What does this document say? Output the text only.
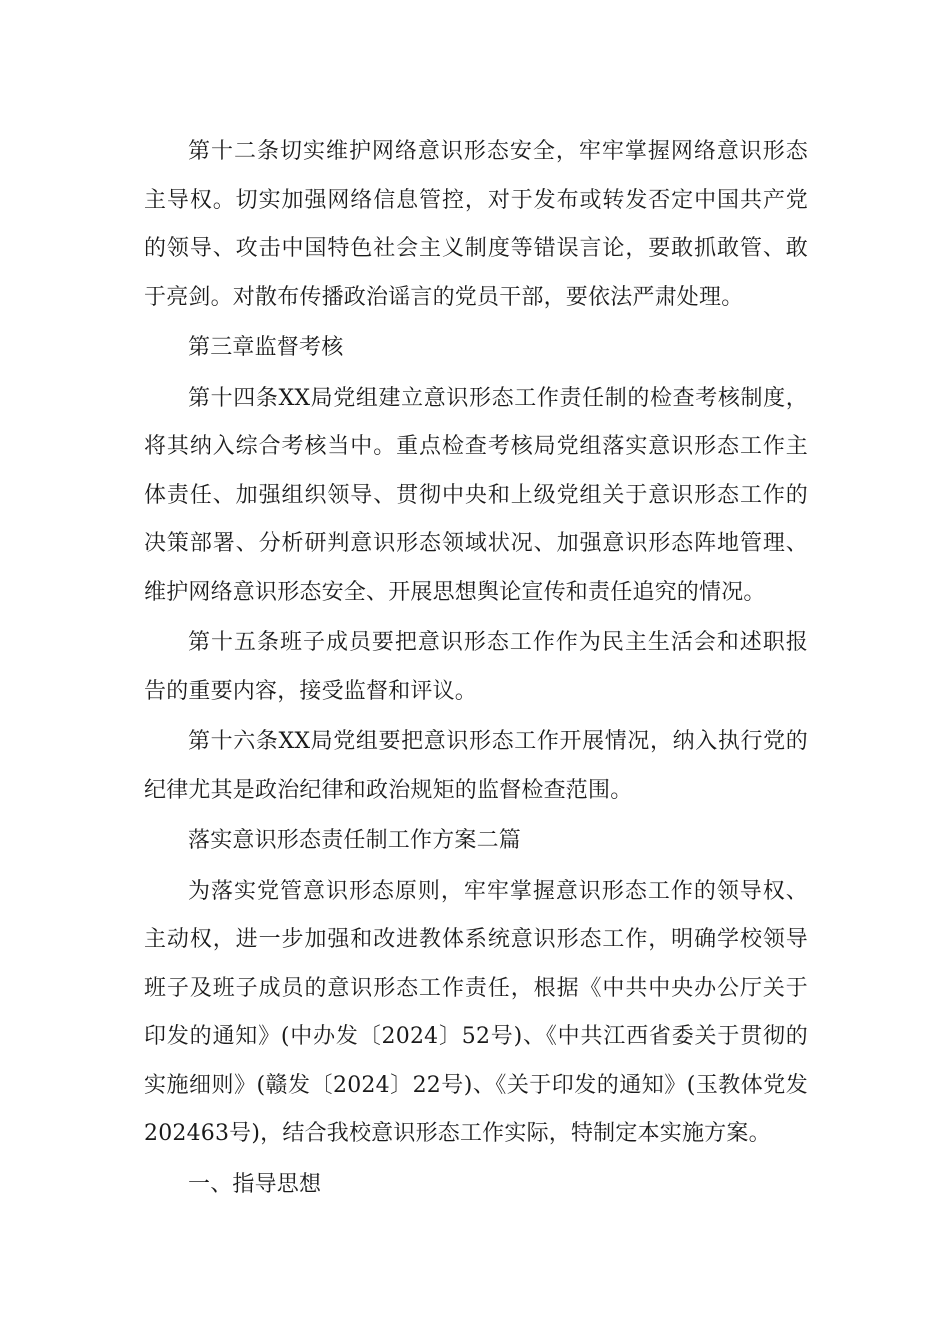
第十二条切实维护网络意识形态安全，牢牢掌握网络意识形态主导权。切实加强网络信息管控，对于发布或转发否定中国共产党的领导、攻击中国特色社会主义制度等错误言论，要敢抓敢管、敢于亮剑。对散布传播政治谣言的党员干部，要依法严肃处理。

第三章监督考核

第十四条XX局党组建立意识形态工作责任制的检查考核制度，将其纳入综合考核当中。重点检查考核局党组落实意识形态工作主体责任、加强组织领导、贯彻中央和上级党组关于意识形态工作的决策部署、分析研判意识形态领域状况、加强意识形态阵地管理、维护网络意识形态安全、开展思想舆论宣传和责任追究的情况。

第十五条班子成员要把意识形态工作作为民主生活会和述职报告的重要内容，接受监督和评议。

第十六条XX局党组要把意识形态工作开展情况，纳入执行党的纪律尤其是政治纪律和政治规矩的监督检查范围。

落实意识形态责任制工作方案二篇

为落实党管意识形态原则，牢牢掌握意识形态工作的领导权、主动权，进一步加强和改进教体系统意识形态工作，明确学校领导班子及班子成员的意识形态工作责任，根据《中共中央办公厅关于印发的通知》(中办发〔2024〕52号)、《中共江西省委关于贯彻的实施细则》(赣发〔2024〕22号)、《关于印发的通知》(玉教体党发202463号)，结合我校意识形态工作实际，特制定本实施方案。

一、指导思想
